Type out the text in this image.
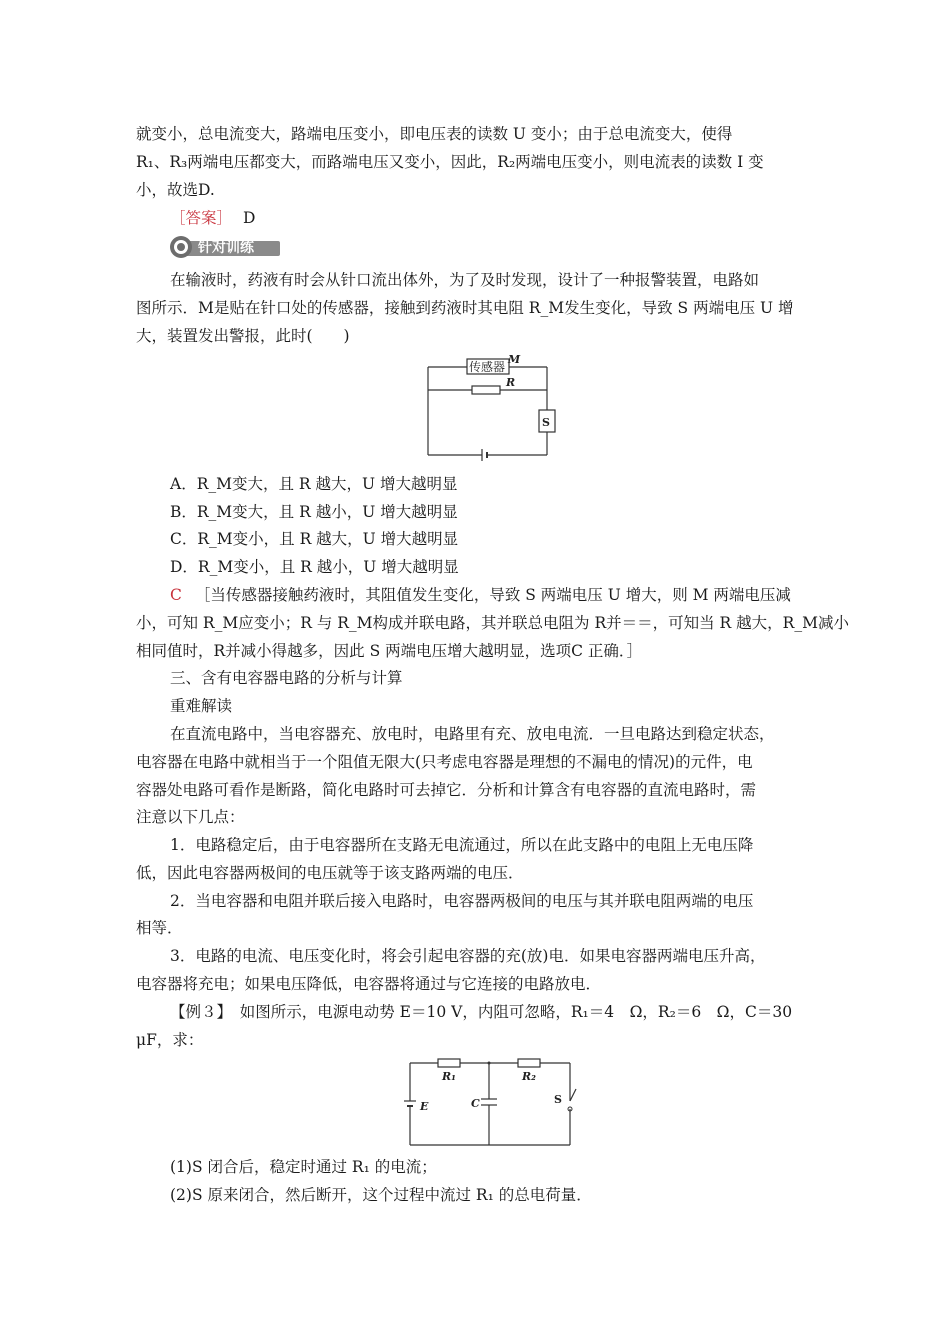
就变小，总电流变大，路端电压变小，即电压表的读数 U 变小；由于总电流变大，使得
R₁、R₃两端电压都变大，而路端电压又变小，因此，R₂两端电压变小，则电流表的读数 I 变
小，故选D.
［答案］ D
针对训练
在输液时，药液有时会从针口流出体外，为了及时发现，设计了一种报警装置，电路如
图所示．M是贴在针口处的传感器，接触到药液时其电阻 R_M发生变化，导致 S 两端电压 U 增
大，装置发出警报，此时(　　)
传感器
M
R
S
A．R_M变大，且 R 越大，U 增大越明显
B．R_M变大，且 R 越小，U 增大越明显
C．R_M变小，且 R 越大，U 增大越明显
D．R_M变小，且 R 越小，U 增大越明显
C ［当传感器接触药液时，其阻值发生变化，导致 S 两端电压 U 增大，则 M 两端电压减
小，可知 R_M应变小；R 与 R_M构成并联电路，其并联总电阻为 R并＝＝，可知当 R 越大，R_M减小
相同值时，R并减小得越多，因此 S 两端电压增大越明显，选项C 正确．］
三、含有电容器电路的分析与计算
重难解读
在直流电路中，当电容器充、放电时，电路里有充、放电电流．一旦电路达到稳定状态，
电容器在电路中就相当于一个阻值无限大(只考虑电容器是理想的不漏电的情况)的元件，电
容器处电路可看作是断路，简化电路时可去掉它．分析和计算含有电容器的直流电路时，需
注意以下几点：
1．电路稳定后，由于电容器所在支路无电流通过，所以在此支路中的电阻上无电压降
低，因此电容器两极间的电压就等于该支路两端的电压．
2．当电容器和电阻并联后接入电路时，电容器两极间的电压与其并联电阻两端的电压
相等．
3．电路的电流、电压变化时，将会引起电容器的充(放)电．如果电容器两端电压升高，
电容器将充电；如果电压降低，电容器将通过与它连接的电路放电．
【例３】　如图所示，电源电动势 E＝10 V，内阻可忽略，R₁＝4　Ω，R₂＝6　Ω，C＝30
μF，求：
R₁	R₂
C
E
S
(1)S 闭合后，稳定时通过 R₁ 的电流；
(2)S 原来闭合，然后断开，这个过程中流过 R₁ 的总电荷量．
